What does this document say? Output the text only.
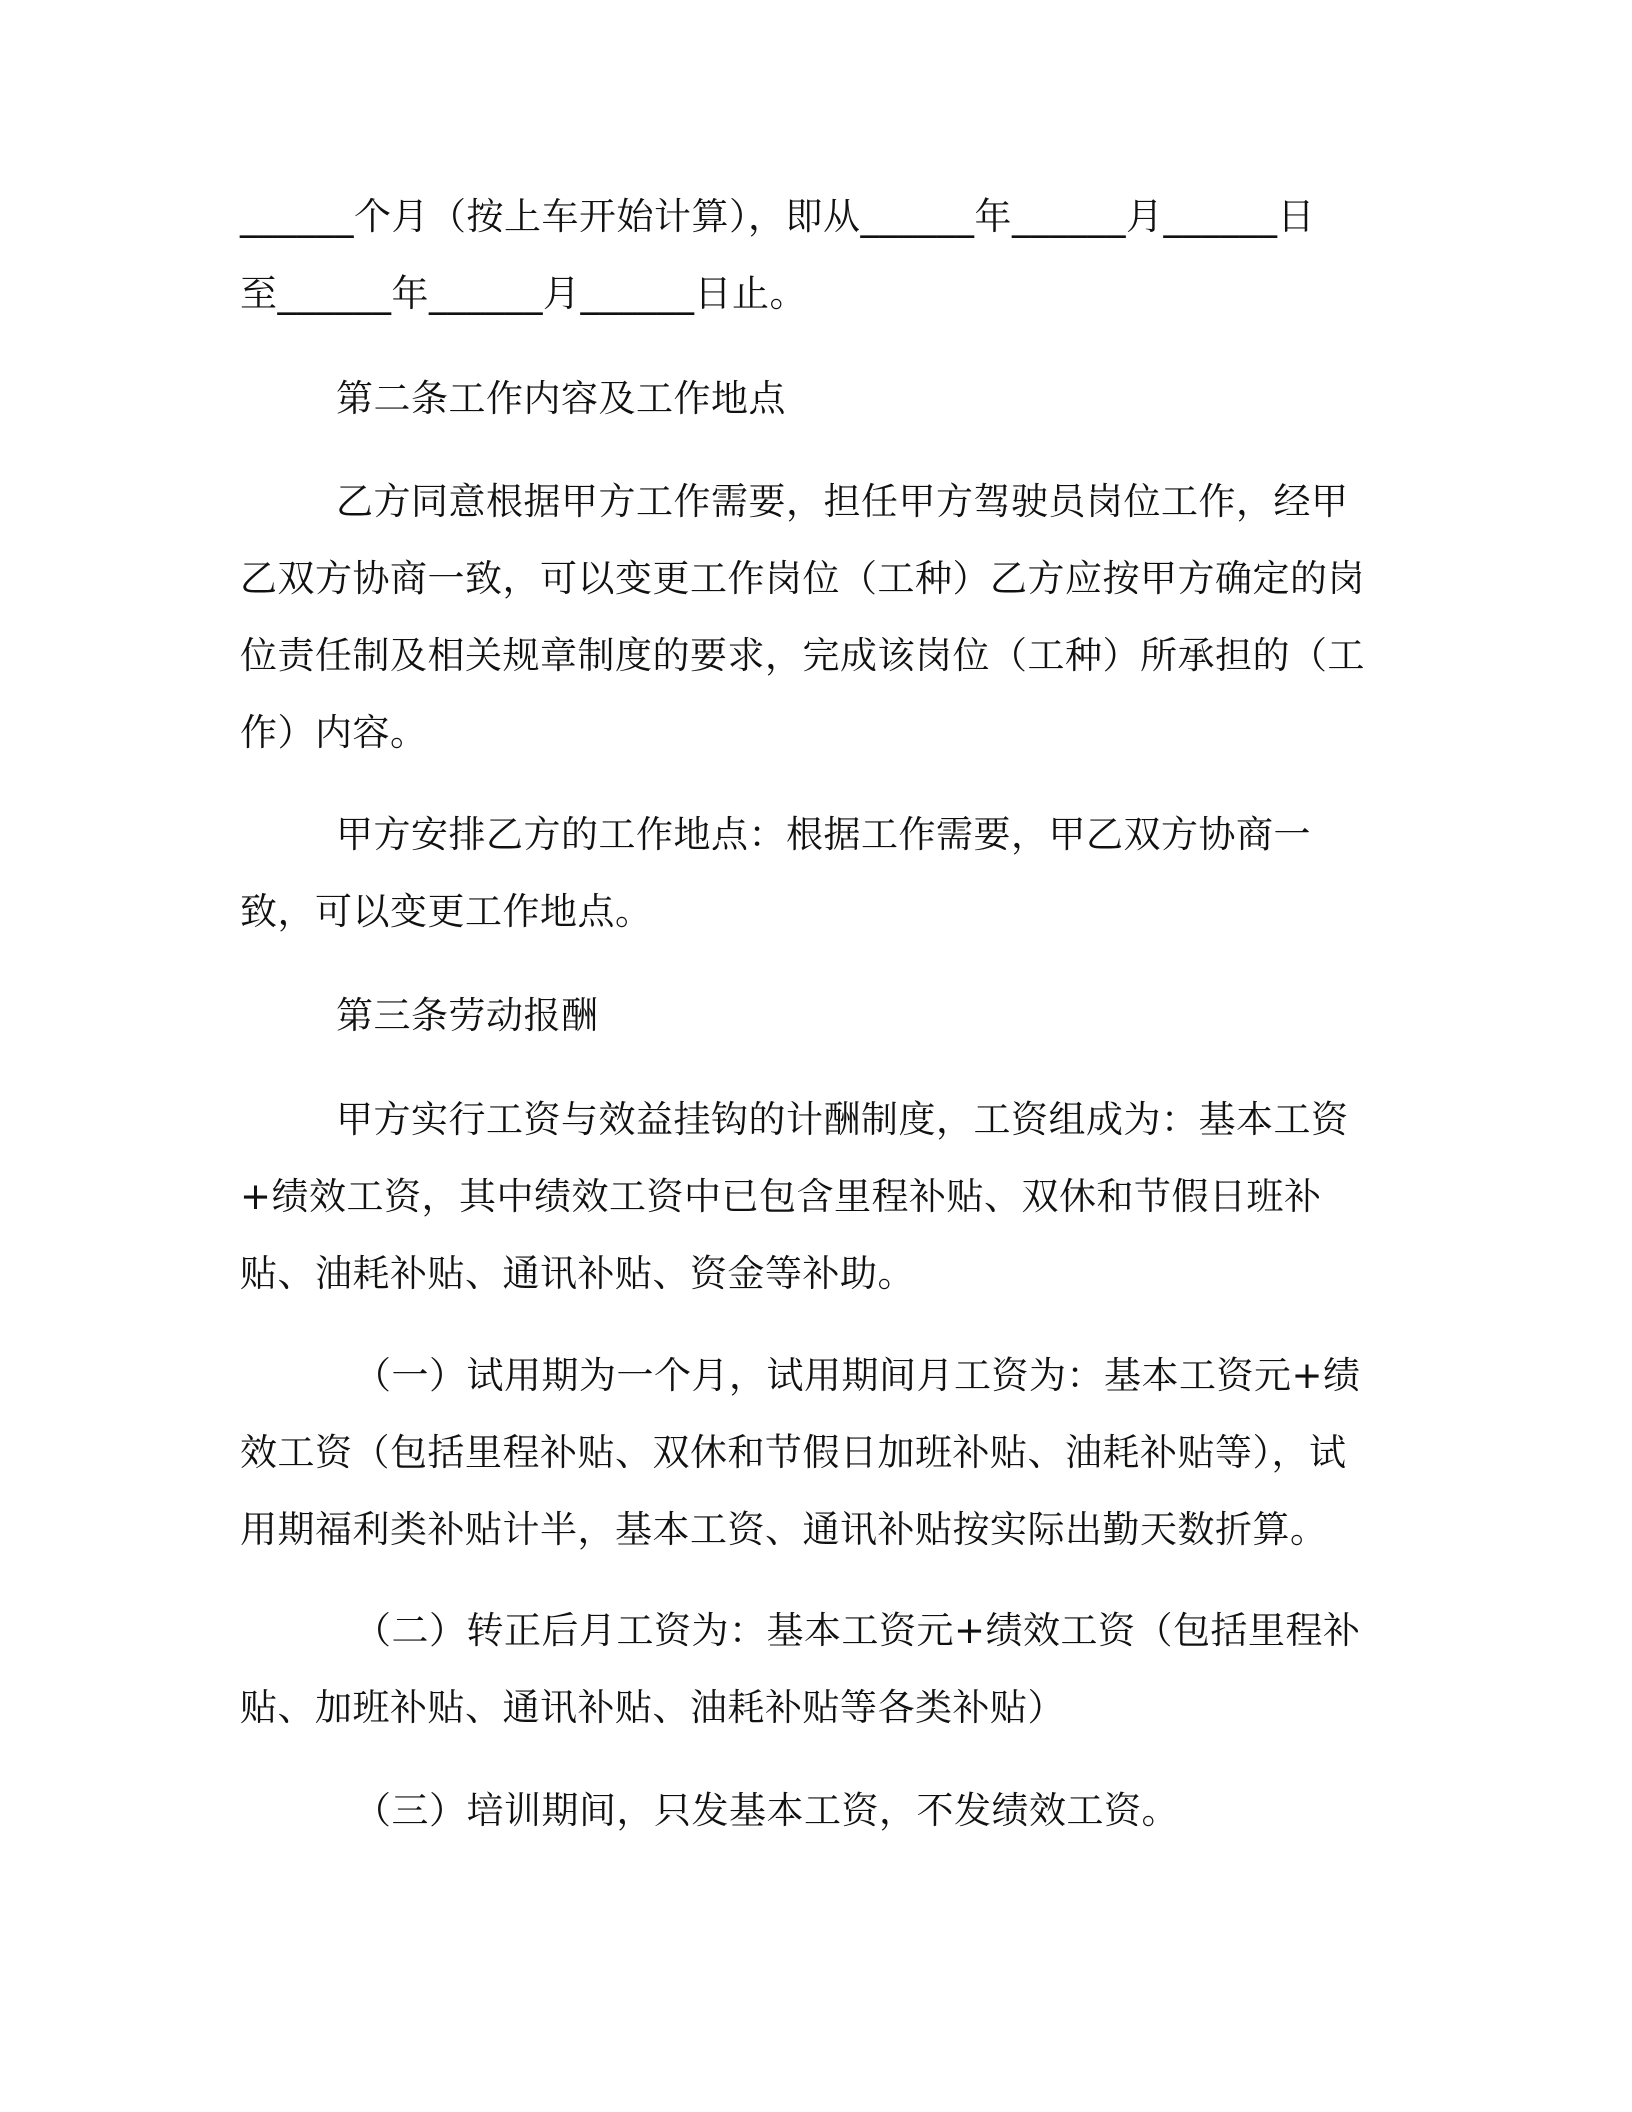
______个月（按上车开始计算），即从______年______月______日

至______年______月______日止。

第二条工作内容及工作地点

乙方同意根据甲方工作需要，担任甲方驾驶员岗位工作，经甲乙双方协商一致，可以变更工作岗位（工种）乙方应按甲方确定的岗位责任制及相关规章制度的要求，完成该岗位（工种）所承担的（工作）内容。

甲方安排乙方的工作地点：根据工作需要，甲乙双方协商一致，可以变更工作地点。

第三条劳动报酬

甲方实行工资与效益挂钩的计酬制度，工资组成为：基本工资+绩效工资，其中绩效工资中已包含里程补贴、双休和节假日班补贴、油耗补贴、通讯补贴、资金等补助。

（一）试用期为一个月，试用期间月工资为：基本工资元+绩效工资（包括里程补贴、双休和节假日加班补贴、油耗补贴等），试用期福利类补贴计半，基本工资、通讯补贴按实际出勤天数折算。

（二）转正后月工资为：基本工资元+绩效工资（包括里程补贴、加班补贴、通讯补贴、油耗补贴等各类补贴）

（三）培训期间，只发基本工资，不发绩效工资。
